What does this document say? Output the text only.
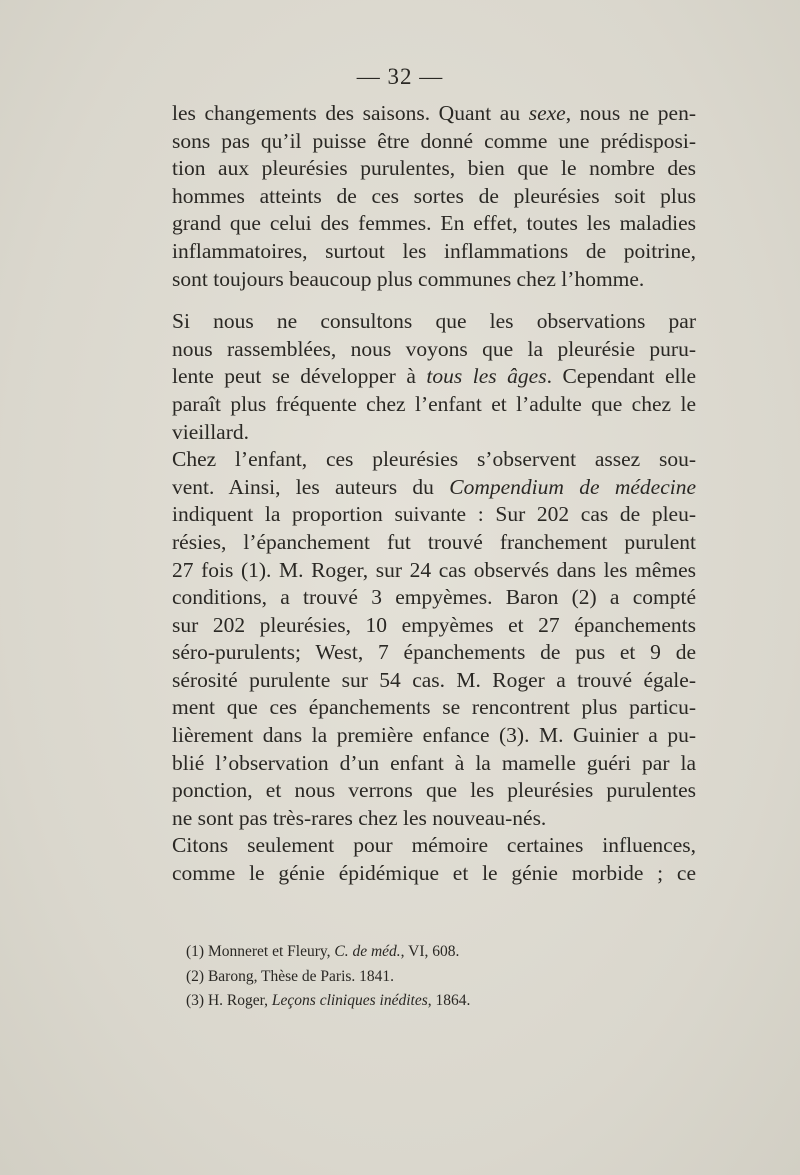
— 32 —
les changements des saisons. Quant au sexe, nous ne pen-
sons pas qu’il puisse être donné comme une prédisposi-
tion aux pleurésies purulentes, bien que le nombre des
hommes atteints de ces sortes de pleurésies soit plus
grand que celui des femmes. En effet, toutes les maladies
inflammatoires, surtout les inflammations de poitrine,
sont toujours beaucoup plus communes chez l’homme.
Si nous ne consultons que les observations par
nous rassemblées, nous voyons que la pleurésie puru-
lente peut se développer à tous les âges. Cependant elle
paraît plus fréquente chez l’enfant et l’adulte que chez le
vieillard.
Chez l’enfant, ces pleurésies s’observent assez sou-
vent. Ainsi, les auteurs du Compendium de médecine
indiquent la proportion suivante : Sur 202 cas de pleu-
résies, l’épanchement fut trouvé franchement purulent
27 fois (1). M. Roger, sur 24 cas observés dans les mêmes
conditions, a trouvé 3 empyèmes. Baron (2) a compté
sur 202 pleurésies, 10 empyèmes et 27 épanchements
séro-purulents; West, 7 épanchements de pus et 9 de
sérosité purulente sur 54 cas. M. Roger a trouvé égale-
ment que ces épanchements se rencontrent plus particu-
lièrement dans la première enfance (3). M. Guinier a pu-
blié l’observation d’un enfant à la mamelle guéri par la
ponction, et nous verrons que les pleurésies purulentes
ne sont pas très-rares chez les nouveau-nés.
Citons seulement pour mémoire certaines influences,
comme le génie épidémique et le génie morbide ; ce
(1) Monneret et Fleury, C. de méd., VI, 608.
(2) Barong, Thèse de Paris. 1841.
(3) H. Roger, Leçons cliniques inédites, 1864.
